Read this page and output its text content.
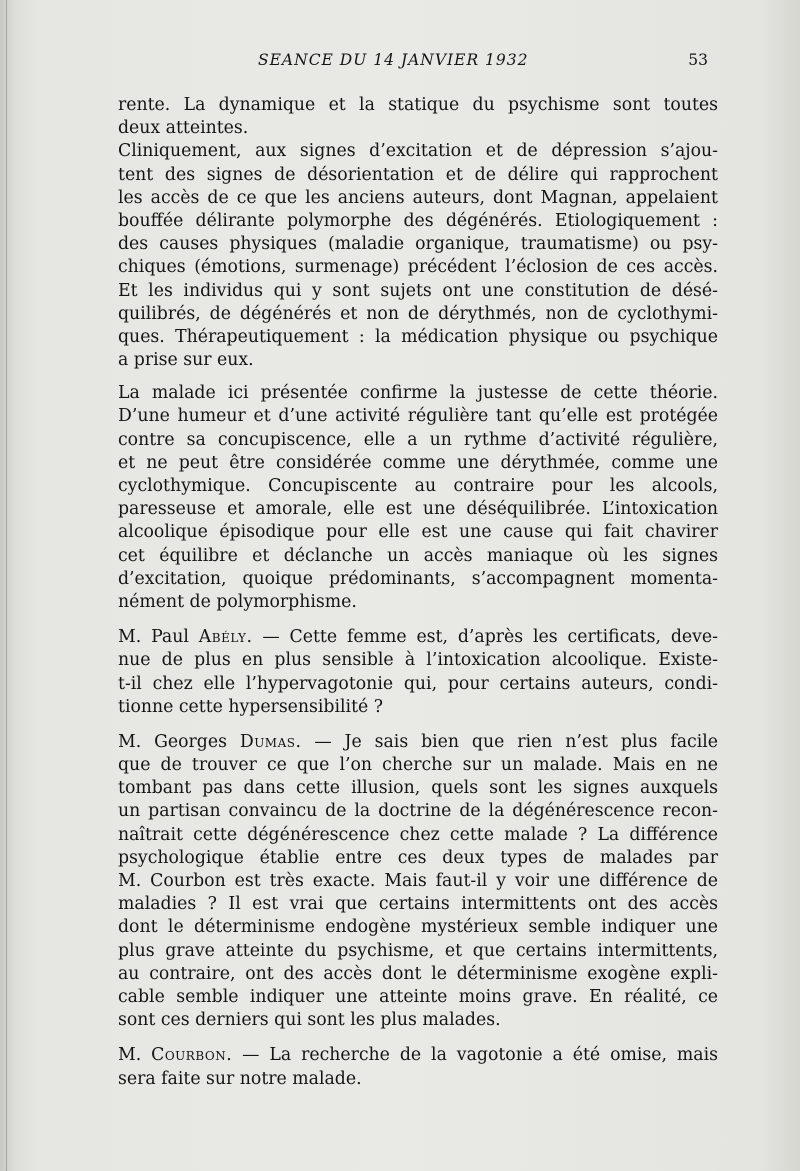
SEANCE DU 14 JANVIER 1932	53
rente. La dynamique et la statique du psychisme sont toutes
deux atteintes.
Cliniquement, aux signes d’excitation et de dépression s’ajou-
tent des signes de désorientation et de délire qui rapprochent
les accès de ce que les anciens auteurs, dont Magnan, appelaient
bouffée délirante polymorphe des dégénérés. Etiologiquement :
des causes physiques (maladie organique, traumatisme) ou psy-
chiques (émotions, surmenage) précédent l’éclosion de ces accès.
Et les individus qui y sont sujets ont une constitution de désé-
quilibrés, de dégénérés et non de dérythmés, non de cyclothymi-
ques. Thérapeutiquement : la médication physique ou psychique
a prise sur eux.
La malade ici présentée confirme la justesse de cette théorie.
D’une humeur et d’une activité régulière tant qu’elle est protégée
contre sa concupiscence, elle a un rythme d’activité régulière,
et ne peut être considérée comme une dérythmée, comme une
cyclothymique. Concupiscente au contraire pour les alcools,
paresseuse et amorale, elle est une déséquilibrée. L’intoxication
alcoolique épisodique pour elle est une cause qui fait chavirer
cet équilibre et déclanche un accès maniaque où les signes
d’excitation, quoique prédominants, s’accompagnent momenta-
nément de polymorphisme.
M. Paul Abély. — Cette femme est, d’après les certificats, deve-
nue de plus en plus sensible à l’intoxication alcoolique. Existe-
t-il chez elle l’hypervagotonie qui, pour certains auteurs, condi-
tionne cette hypersensibilité ?
M. Georges Dumas. — Je sais bien que rien n’est plus facile
que de trouver ce que l’on cherche sur un malade. Mais en ne
tombant pas dans cette illusion, quels sont les signes auxquels
un partisan convaincu de la doctrine de la dégénérescence recon-
naîtrait cette dégénérescence chez cette malade ? La différence
psychologique établie entre ces deux types de malades par
M. Courbon est très exacte. Mais faut-il y voir une différence de
maladies ? Il est vrai que certains intermittents ont des accès
dont le déterminisme endogène mystérieux semble indiquer une
plus grave atteinte du psychisme, et que certains intermittents,
au contraire, ont des accès dont le déterminisme exogène expli-
cable semble indiquer une atteinte moins grave. En réalité, ce
sont ces derniers qui sont les plus malades.
M. Courbon. — La recherche de la vagotonie a été omise, mais
sera faite sur notre malade.
